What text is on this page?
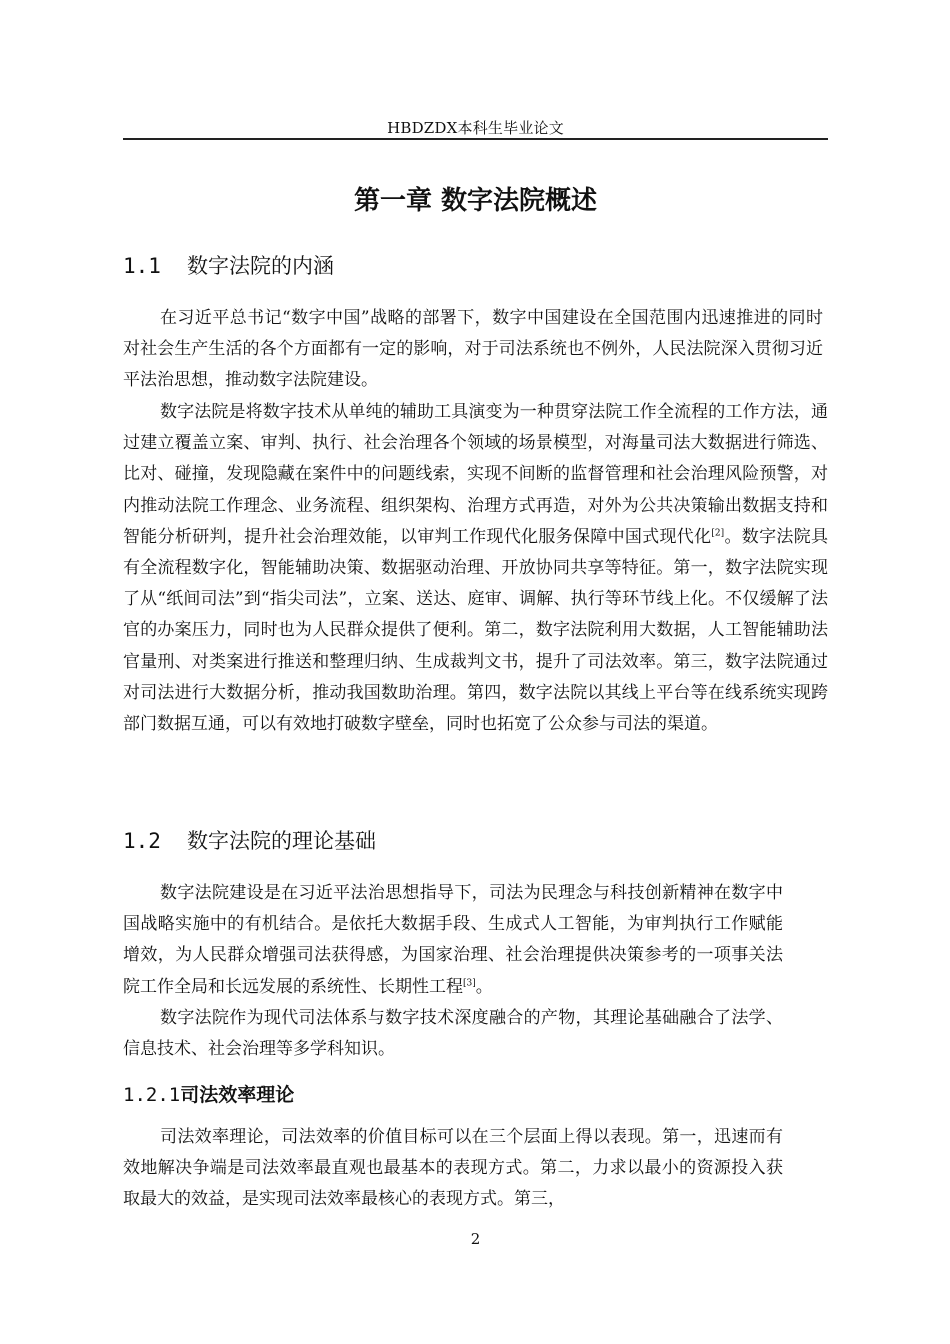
HBDZDX本科生毕业论文
第一章 数字法院概述
1.1 数字法院的内涵

在习近平总书记“数字中国”战略的部署下，数字中国建设在全国范围内迅速推进的同时对社会生产生活的各个方面都有一定的影响，对于司法系统也不例外，人民法院深入贯彻习近平法治思想，推动数字法院建设。

数字法院是将数字技术从单纯的辅助工具演变为一种贯穿法院工作全流程的工作方法，通过建立覆盖立案、审判、执行、社会治理各个领域的场景模型，对海量司法大数据进行筛选、比对、碰撞，发现隐藏在案件中的问题线索，实现不间断的监督管理和社会治理风险预警，对内推动法院工作理念、业务流程、组织架构、治理方式再造，对外为公共决策输出数据支持和智能分析研判，提升社会治理效能，以审判工作现代化服务保障中国式现代化[2]。数字法院具有全流程数字化，智能辅助决策、数据驱动治理、开放协同共享等特征。第一，数字法院实现了从“纸间司法”到“指尖司法”，立案、送达、庭审、调解、执行等环节线上化。不仅缓解了法官的办案压力，同时也为人民群众提供了便利。第二，数字法院利用大数据，人工智能辅助法官量刑、对类案进行推送和整理归纳、生成裁判文书，提升了司法效率。第三，数字法院通过对司法进行大数据分析，推动我国数助治理。第四，数字法院以其线上平台等在线系统实现跨部门数据互通，可以有效地打破数字壁垒，同时也拓宽了公众参与司法的渠道。

1.2 数字法院的理论基础

数字法院建设是在习近平法治思想指导下，司法为民理念与科技创新精神在数字中国战略实施中的有机结合。是依托大数据手段、生成式人工智能，为审判执行工作赋能增效，为人民群众增强司法获得感，为国家治理、社会治理提供决策参考的一项事关法院工作全局和长远发展的系统性、长期性工程[3]。

数字法院作为现代司法体系与数字技术深度融合的产物，其理论基础融合了法学、信息技术、社会治理等多学科知识。

1.2.1司法效率理论

司法效率理论，司法效率的价值目标可以在三个层面上得以表现。第一，迅速而有效地解决争端是司法效率最直观也最基本的表现方式。第二，力求以最小的资源投入获取最大的效益，是实现司法效率最核心的表现方式。第三，

2
